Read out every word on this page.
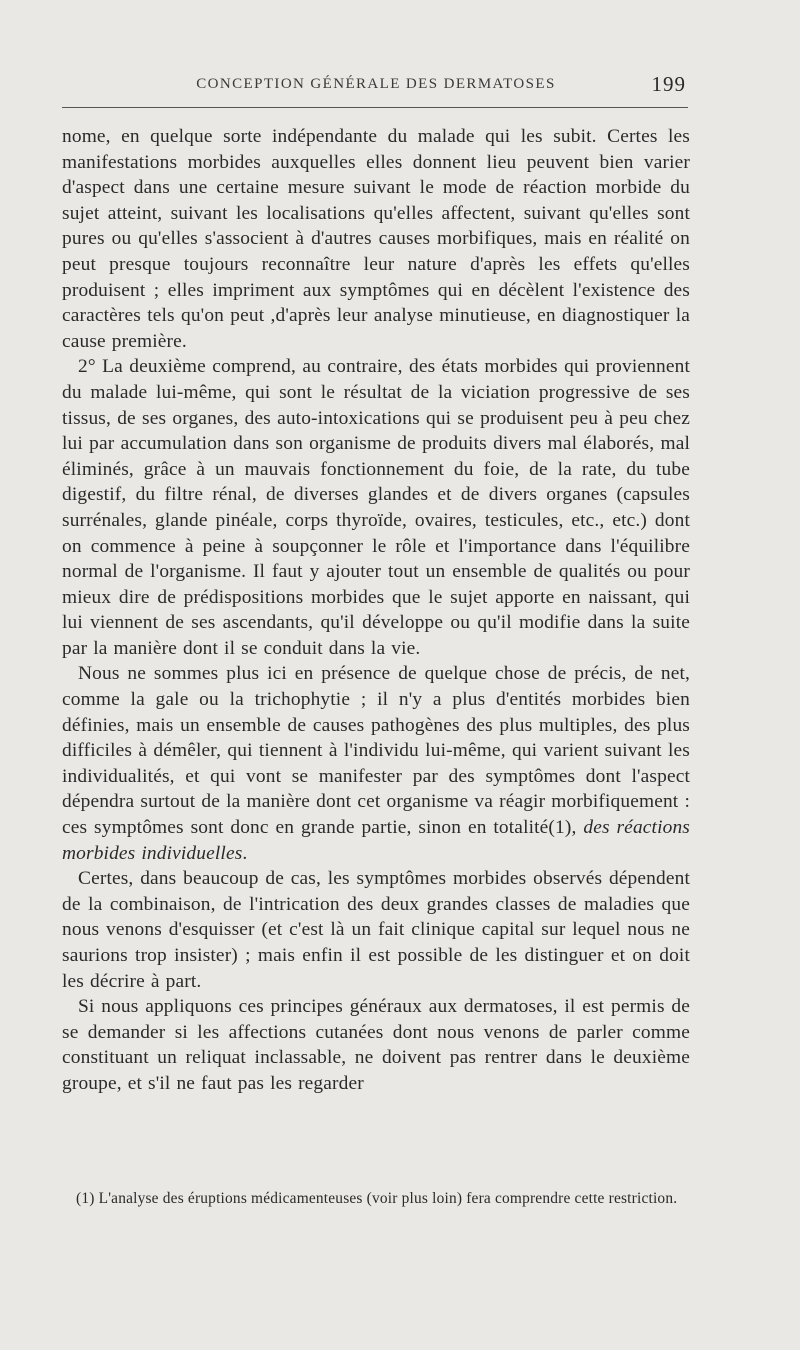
CONCEPTION GÉNÉRALE DES DERMATOSES	199

nome, en quelque sorte indépendante du malade qui les subit. Certes les manifestations morbides auxquelles elles donnent lieu peuvent bien varier d'aspect dans une certaine mesure suivant le mode de réaction morbide du sujet atteint, suivant les localisations qu'elles affectent, suivant qu'elles sont pures ou qu'elles s'associent à d'autres causes morbifiques, mais en réalité on peut presque toujours reconnaître leur nature d'après les effets qu'elles produisent ; elles impriment aux symptômes qui en décèlent l'existence des caractères tels qu'on peut ,d'après leur analyse minutieuse, en diagnostiquer la cause première.

2° La deuxième comprend, au contraire, des états morbides qui proviennent du malade lui-même, qui sont le résultat de la viciation progressive de ses tissus, de ses organes, des auto-intoxications qui se produisent peu à peu chez lui par accumulation dans son organisme de produits divers mal élaborés, mal éliminés, grâce à un mauvais fonctionnement du foie, de la rate, du tube digestif, du filtre rénal, de diverses glandes et de divers organes (capsules surrénales, glande pinéale, corps thyroïde, ovaires, testicules, etc., etc.) dont on commence à peine à soupçonner le rôle et l'importance dans l'équilibre normal de l'organisme. Il faut y ajouter tout un ensemble de qualités ou pour mieux dire de prédispositions morbides que le sujet apporte en naissant, qui lui viennent de ses ascendants, qu'il développe ou qu'il modifie dans la suite par la manière dont il se conduit dans la vie.

Nous ne sommes plus ici en présence de quelque chose de précis, de net, comme la gale ou la trichophytie ; il n'y a plus d'entités morbides bien définies, mais un ensemble de causes pathogènes des plus multiples, des plus difficiles à démêler, qui tiennent à l'individu lui-même, qui varient suivant les individualités, et qui vont se manifester par des symptômes dont l'aspect dépendra surtout de la manière dont cet organisme va réagir morbifiquement : ces symptômes sont donc en grande partie, sinon en totalité(1), des réactions morbides individuelles.

Certes, dans beaucoup de cas, les symptômes morbides observés dépendent de la combinaison, de l'intrication des deux grandes classes de maladies que nous venons d'esquisser (et c'est là un fait clinique capital sur lequel nous ne saurions trop insister) ; mais enfin il est possible de les distinguer et on doit les décrire à part.

Si nous appliquons ces principes généraux aux dermatoses, il est permis de se demander si les affections cutanées dont nous venons de parler comme constituant un reliquat inclassable, ne doivent pas rentrer dans le deuxième groupe, et s'il ne faut pas les regarder

(1) L'analyse des éruptions médicamenteuses (voir plus loin) fera comprendre cette restriction.
